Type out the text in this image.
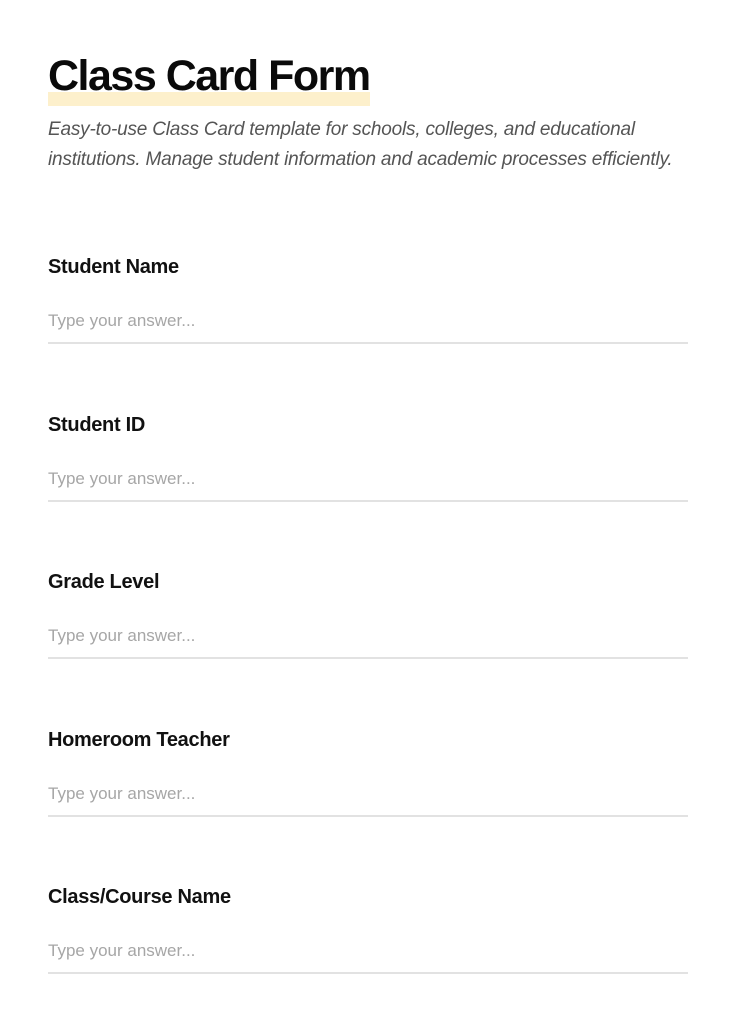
Class Card Form

Easy-to-use Class Card template for schools, colleges, and educational institutions. Manage student information and academic processes efficiently.

Student Name
Type your answer...
Student ID
Type your answer...
Grade Level
Type your answer...
Homeroom Teacher
Type your answer...
Class/Course Name
Type your answer...
